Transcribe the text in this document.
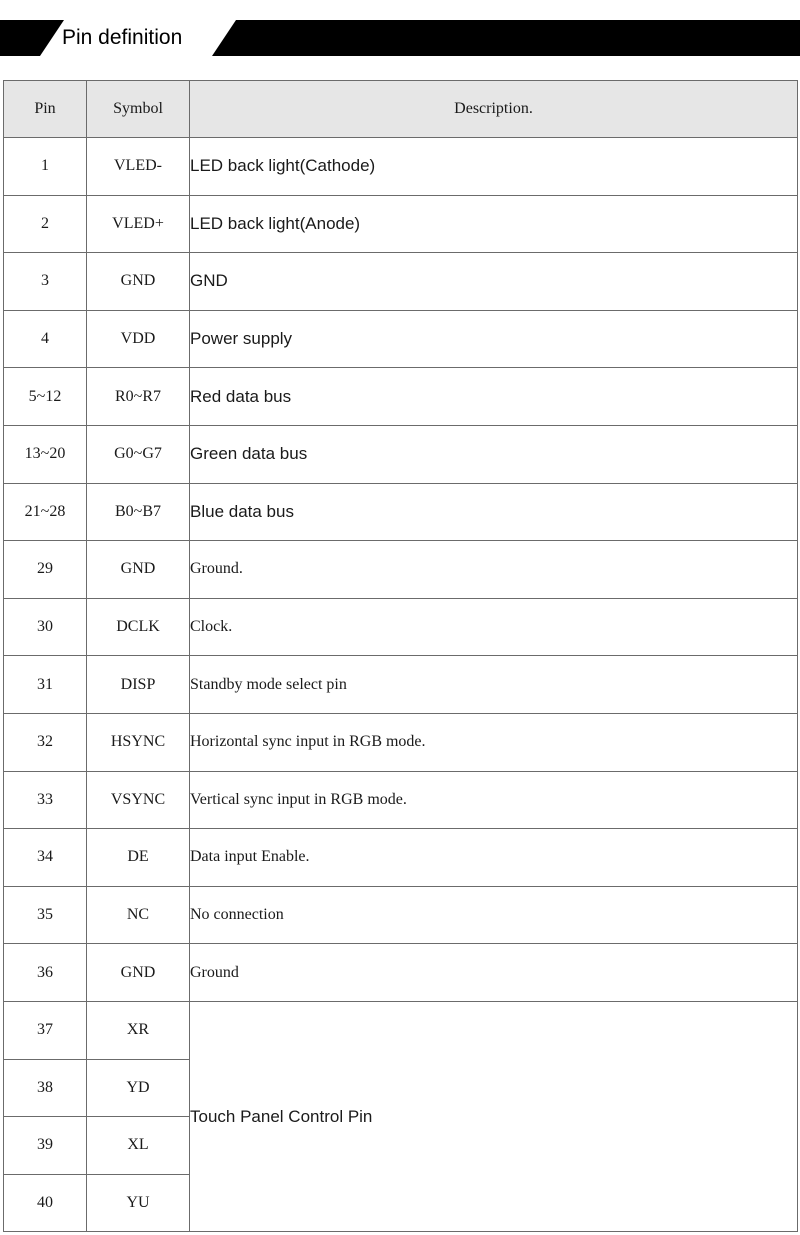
Pin definition
Pin	Symbol	Description.
1	VLED-	LED back light(Cathode)
2	VLED+	LED back light(Anode)
3	GND	GND
4	VDD	Power supply
5~12	R0~R7	Red data bus
13~20	G0~G7	Green data bus
21~28	B0~B7	Blue data bus
29	GND	Ground.
30	DCLK	Clock.
31	DISP	Standby mode select pin
32	HSYNC	Horizontal sync input in RGB mode.
33	VSYNC	Vertical sync input in RGB mode.
34	DE	Data input Enable.
35	NC	No connection
36	GND	Ground
37	XR	Touch Panel Control Pin
38	YD	
39	XL	
40	YU	
